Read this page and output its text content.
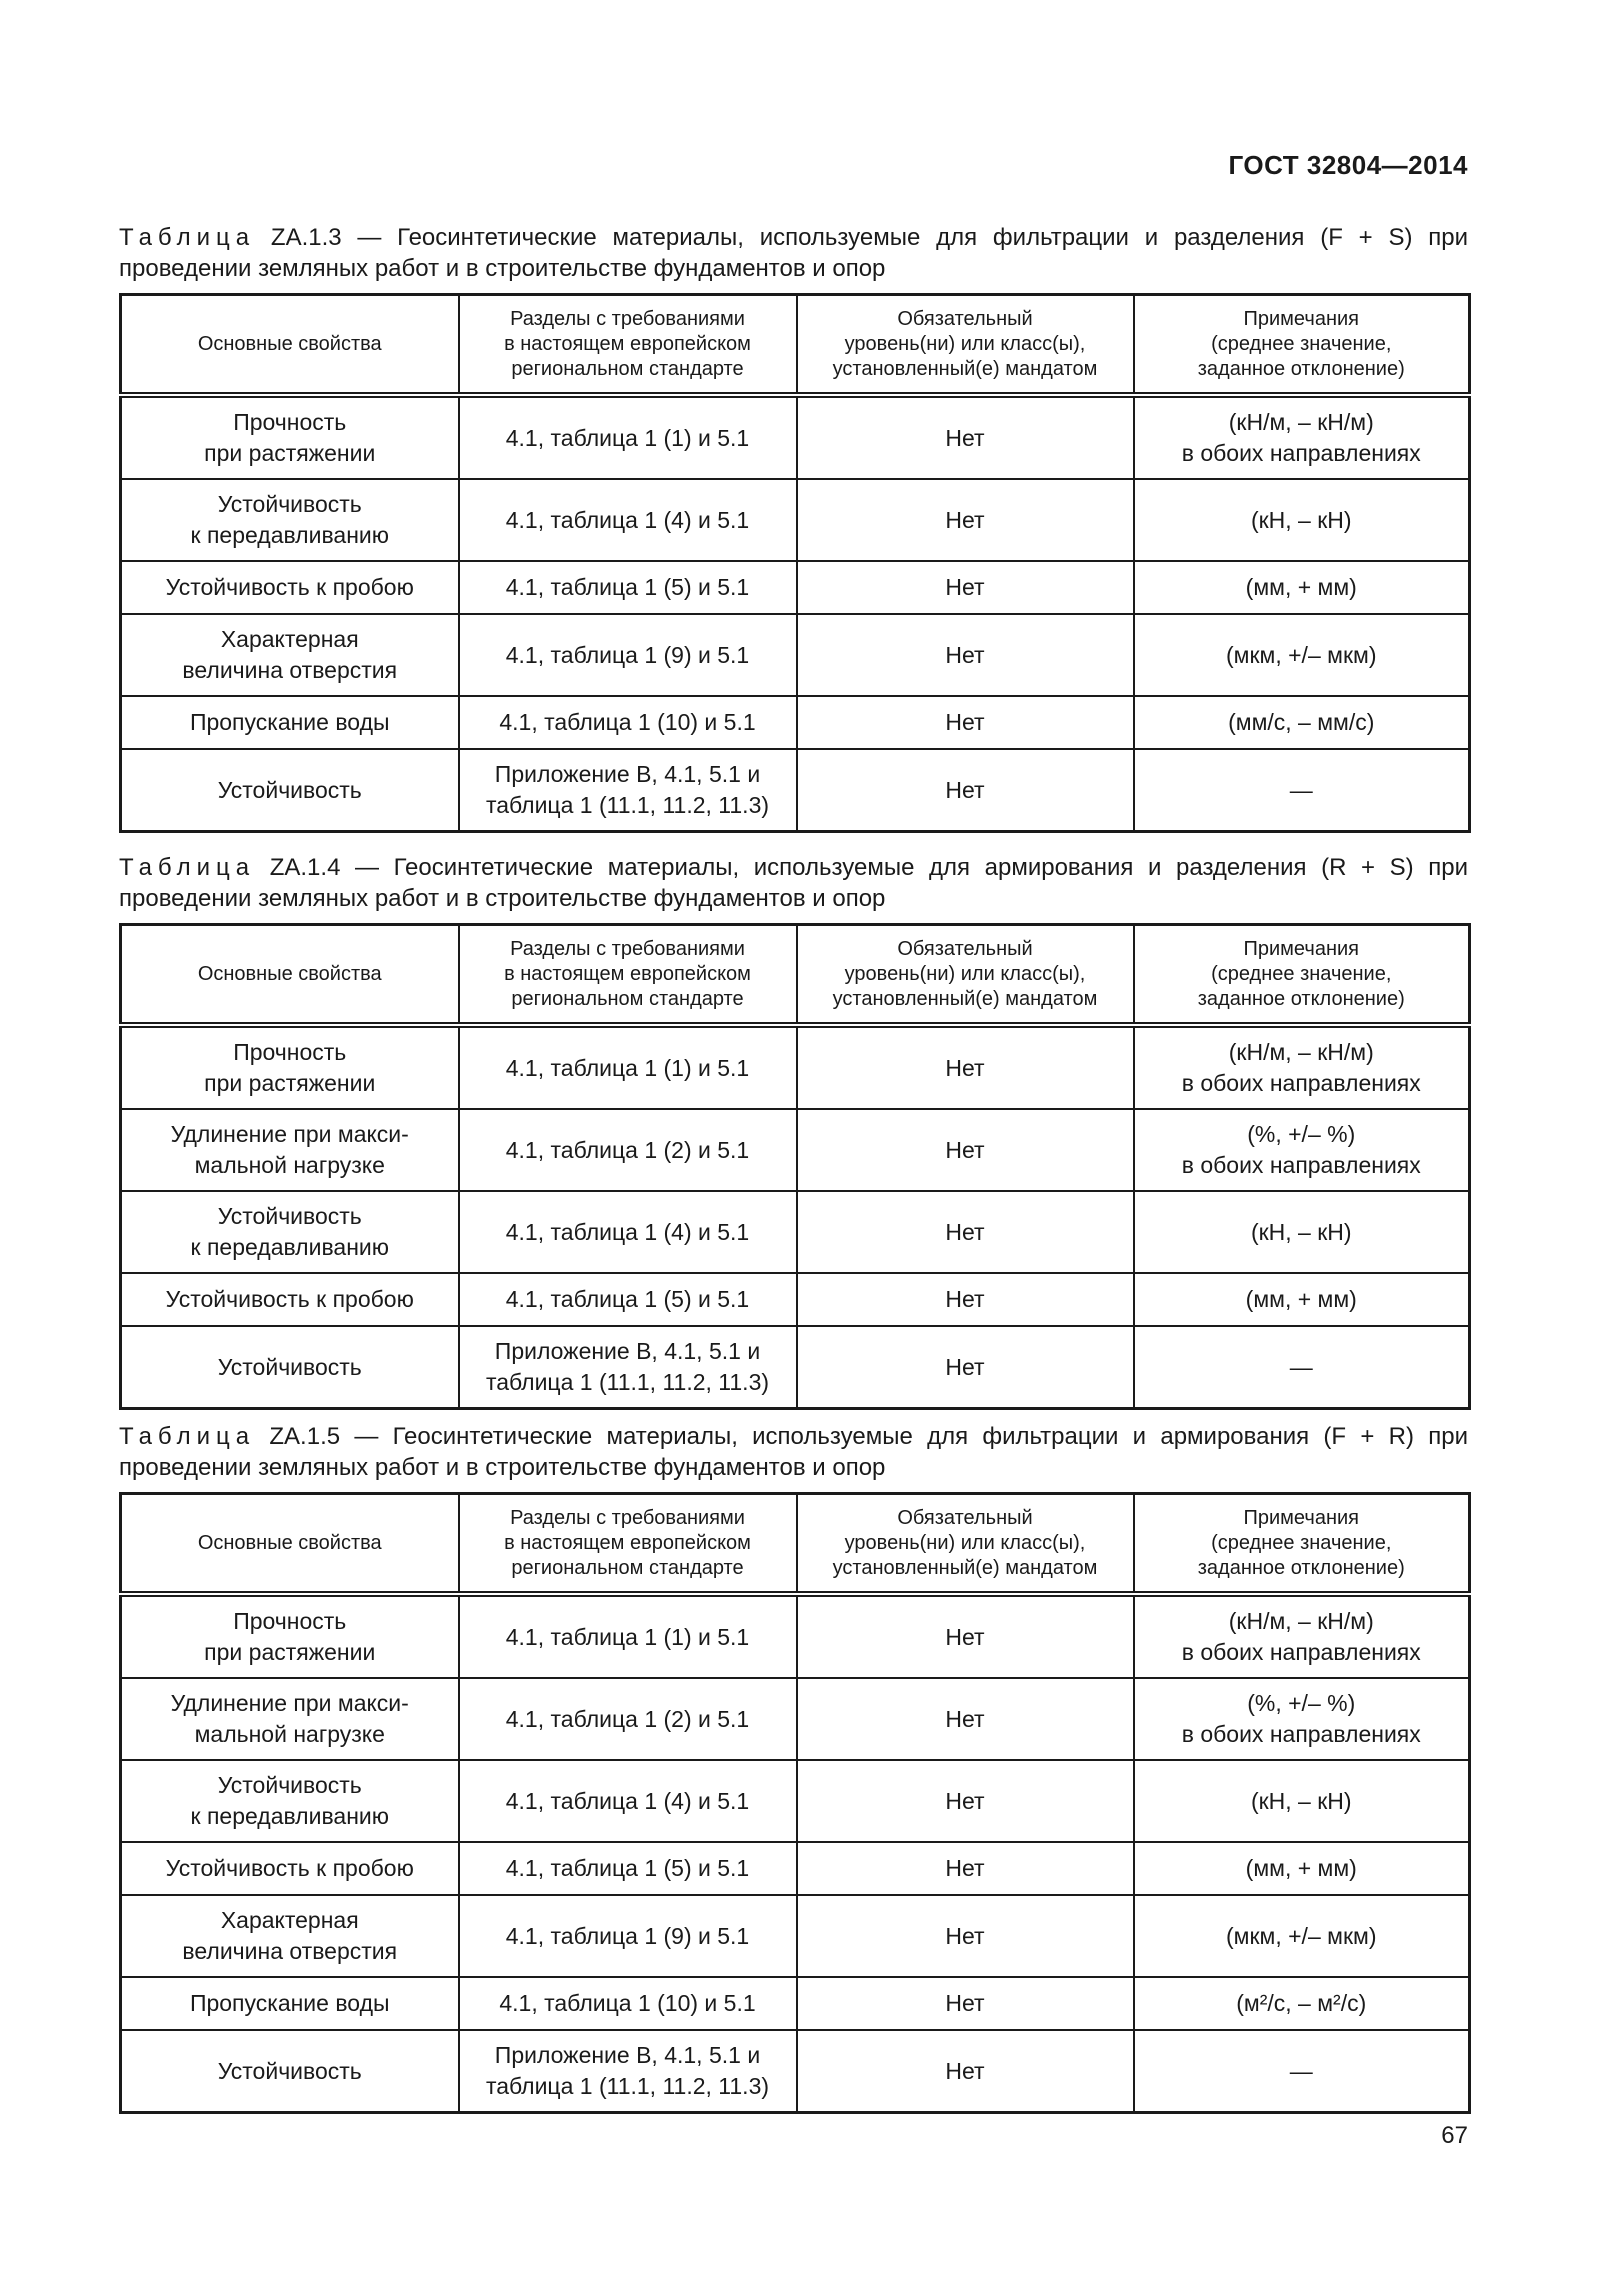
ГОСТ 32804—2014

Таблица ZA.1.3 — Геосинтетические материалы, используемые для фильтрации и разделения (F + S) при проведении земляных работ и в строительстве фундаментов и опор

Основные свойства	Разделы с требованиями
в настоящем европейском
региональном стандарте	Обязательный
уровень(ни) или класс(ы),
установленный(е) мандатом	Примечания
(среднее значение,
заданное отклонение)
Прочность
при растяжении	4.1, таблица 1 (1) и 5.1	Нет	(кН/м, – кН/м)
в обоих направлениях
Устойчивость
к передавливанию	4.1, таблица 1 (4) и 5.1	Нет	(кН, – кН)
Устойчивость к пробою	4.1, таблица 1 (5) и 5.1	Нет	(мм, + мм)
Характерная
величина отверстия	4.1, таблица 1 (9) и 5.1	Нет	(мкм, +/– мкм)
Пропускание воды	4.1, таблица 1 (10) и 5.1	Нет	(мм/с, – мм/с)
Устойчивость	Приложение В, 4.1, 5.1 и
таблица 1 (11.1, 11.2, 11.3)	Нет	—

Таблица ZA.1.4 — Геосинтетические материалы, используемые для армирования и разделения (R + S) при проведении земляных работ и в строительстве фундаментов и опор

Основные свойства	Разделы с требованиями
в настоящем европейском
региональном стандарте	Обязательный
уровень(ни) или класс(ы),
установленный(е) мандатом	Примечания
(среднее значение,
заданное отклонение)
Прочность
при растяжении	4.1, таблица 1 (1) и 5.1	Нет	(кН/м, – кН/м)
в обоих направлениях
Удлинение при макси-
мальной нагрузке	4.1, таблица 1 (2) и 5.1	Нет	(%, +/– %)
в обоих направлениях
Устойчивость
к передавливанию	4.1, таблица 1 (4) и 5.1	Нет	(кН, – кН)
Устойчивость к пробою	4.1, таблица 1 (5) и 5.1	Нет	(мм, + мм)
Устойчивость	Приложение В, 4.1, 5.1 и
таблица 1 (11.1, 11.2, 11.3)	Нет	—

Таблица ZA.1.5 — Геосинтетические материалы, используемые для фильтрации и армирования (F + R) при проведении земляных работ и в строительстве фундаментов и опор

Основные свойства	Разделы с требованиями
в настоящем европейском
региональном стандарте	Обязательный
уровень(ни) или класс(ы),
установленный(е) мандатом	Примечания
(среднее значение,
заданное отклонение)
Прочность
при растяжении	4.1, таблица 1 (1) и 5.1	Нет	(кН/м, – кН/м)
в обоих направлениях
Удлинение при макси-
мальной нагрузке	4.1, таблица 1 (2) и 5.1	Нет	(%, +/– %)
в обоих направлениях
Устойчивость
к передавливанию	4.1, таблица 1 (4) и 5.1	Нет	(кН, – кН)
Устойчивость к пробою	4.1, таблица 1 (5) и 5.1	Нет	(мм, + мм)
Характерная
величина отверстия	4.1, таблица 1 (9) и 5.1	Нет	(мкм, +/– мкм)
Пропускание воды	4.1, таблица 1 (10) и 5.1	Нет	(м²/с, – м²/с)
Устойчивость	Приложение В, 4.1, 5.1 и
таблица 1 (11.1, 11.2, 11.3)	Нет	—
67
